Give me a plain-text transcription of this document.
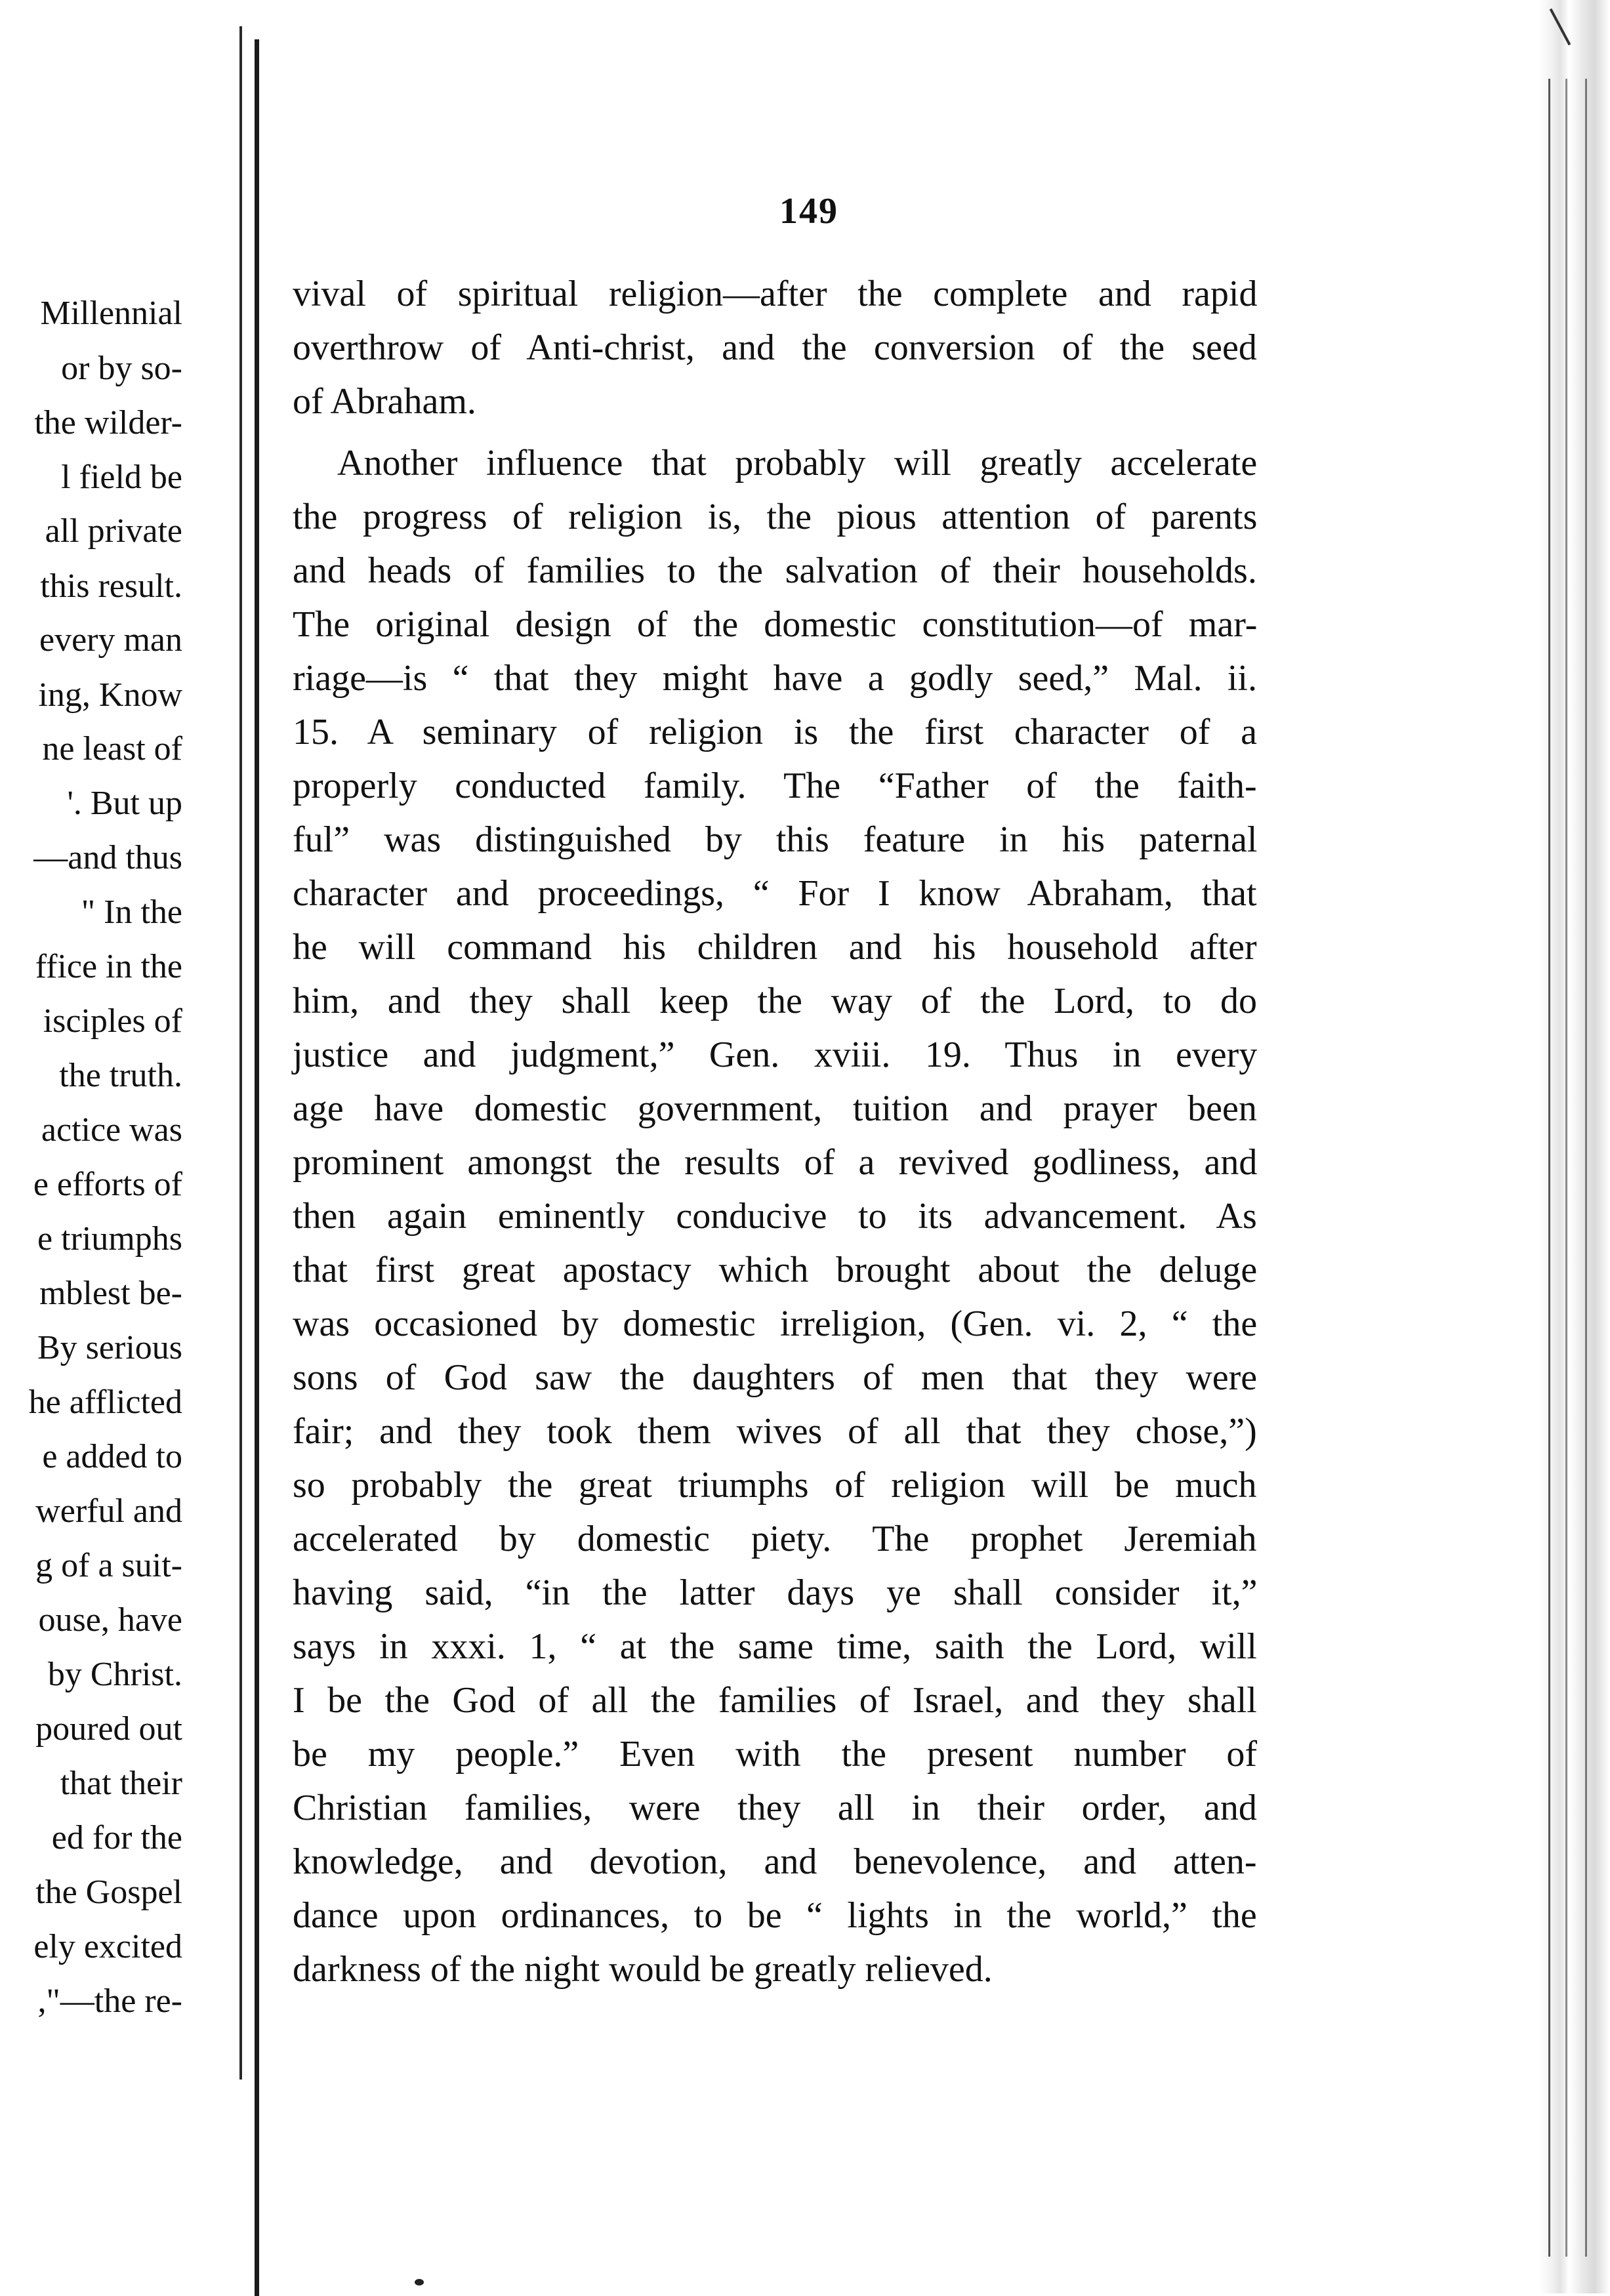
Millennial
or by so-
the wilder-
l field be
all private
this result.
every man
ing, Know
ne least of
'. But up
—and thus
" In the
ffice in the
isciples of
the truth.
actice was
e efforts of
e triumphs
mblest be-
By serious
he afflicted
e added to
werful and
g of a suit-
ouse, have
by Christ.
poured out
that their
ed for the
the Gospel
ely excited
,"—the re-
149
vival of spiritual religion—after the complete and rapid
overthrow of Anti-christ, and the conversion of the seed
of Abraham.
Another influence that probably will greatly accelerate
the progress of religion is, the pious attention of parents
and heads of families to the salvation of their households.
The original design of the domestic constitution—of mar-
riage—is “ that they might have a godly seed,” Mal. ii.
15. A seminary of religion is the first character of a
properly conducted family. The “Father of the faith-
ful” was distinguished by this feature in his paternal
character and proceedings, “ For I know Abraham, that
he will command his children and his household after
him, and they shall keep the way of the Lord, to do
justice and judgment,” Gen. xviii. 19. Thus in every
age have domestic government, tuition and prayer been
prominent amongst the results of a revived godliness, and
then again eminently conducive to its advancement. As
that first great apostacy which brought about the deluge
was occasioned by domestic irreligion, (Gen. vi. 2, “ the
sons of God saw the daughters of men that they were
fair; and they took them wives of all that they chose,”)
so probably the great triumphs of religion will be much
accelerated by domestic piety. The prophet Jeremiah
having said, “in the latter days ye shall consider it,”
says in xxxi. 1, “ at the same time, saith the Lord, will
I be the God of all the families of Israel, and they shall
be my people.” Even with the present number of
Christian families, were they all in their order, and
knowledge, and devotion, and benevolence, and atten-
dance upon ordinances, to be “ lights in the world,” the
darkness of the night would be greatly relieved.
